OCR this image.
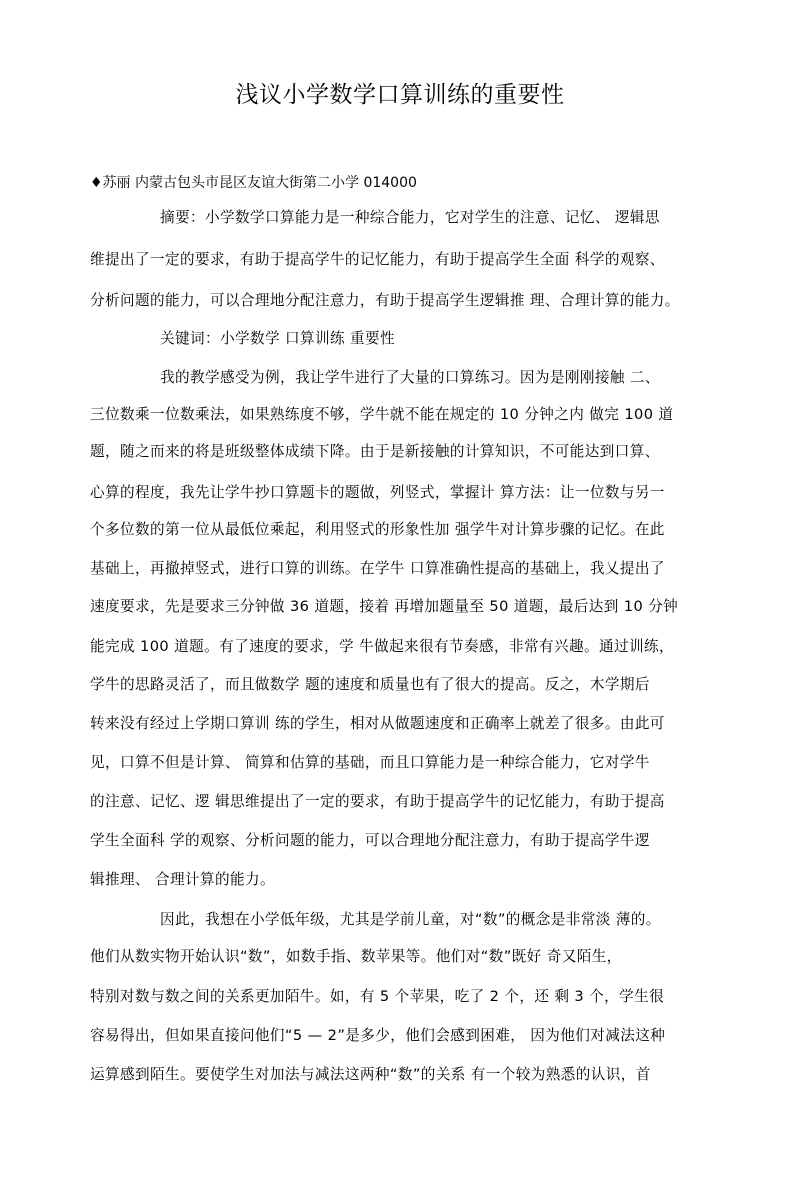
浅议小学数学口算训练的重要性
♦苏丽 内蒙古包头市昆区友谊大街第二小学 014000
摘要：小学数学口算能力是一种综合能力，它对学生的注意、记忆、 逻辑思
维提出了一定的要求，有助于提高学牛的记忆能力，有助于提高学生全面 科学的观察、
分析问题的能力，可以合理地分配注意力，有助于提高学生逻辑推 理、合理计算的能力。
关键词：小学数学 口算训练 重要性
我的教学感受为例，我让学牛进行了大量的口算练习。因为是刚刚接触 二、
三位数乘一位数乘法，如果熟练度不够，学牛就不能在规定的 10 分钟之内 做完 100 道
题，随之而来的将是班级整体成绩下降。由于是新接触的计算知识，不可能达到口算、
心算的程度，我先让学牛抄口算题卡的题做，列竖式，掌握计 算方法：让一位数与另一
个多位数的第一位从最低位乘起，利用竖式的形象性加 强学牛对计算步骤的记忆。在此
基础上，再撤掉竖式，进行口算的训练。在学牛 口算准确性提高的基础上，我乂提出了
速度要求，先是要求三分钟做 36 道题，接着 再增加题量至 50 道题，最后达到 10 分钟
能完成 100 道题。有了速度的要求，学 牛做起来很有节奏感，非常有兴趣。通过训练，
学牛的思路灵活了，而且做数学 题的速度和质量也有了很大的提高。反之，木学期后
转来没有经过上学期口算训 练的学生，相对从做题速度和正确率上就差了很多。由此可
见，口算不但是计算、 简算和估算的基础，而且口算能力是一种综合能力，它对学牛
的注意、记忆、逻 辑思维提出了一定的要求，有助于提高学牛的记忆能力，有助于提高
学生全面科 学的观察、分析问题的能力，可以合理地分配注意力，有助于提高学牛逻
辑推理、 合理计算的能力。
因此，我想在小学低年级，尤其是学前儿童，对“数”的概念是非常淡 薄的。
他们从数实物开始认识“数”，如数手指、数苹果等。他们对“数”既好 奇又陌生，
特别对数与数之间的关系更加陌牛。如，有 5 个苹果，吃了 2 个，还 剩 3 个，学生很
容易得出，但如果直接问他们“5 — 2”是多少，他们会感到困难， 因为他们对减法这种
运算感到陌生。要使学生对加法与减法这两种“数”的关系 有一个较为熟悉的认识，首
